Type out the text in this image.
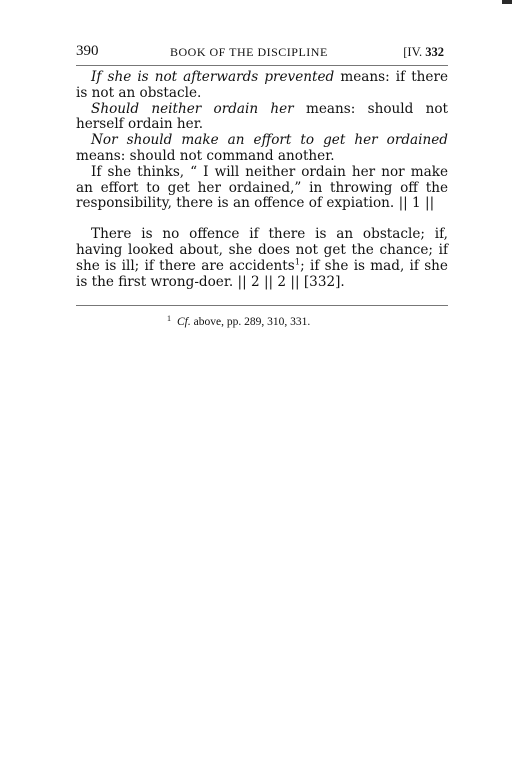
390	BOOK OF THE DISCIPLINE	[IV. 332

If she is not afterwards prevented means: if there is not an obstacle.

Should neither ordain her means: should not herself ordain her.

Nor should make an effort to get her ordained means: should not command another.

If she thinks, “ I will neither ordain her nor make an effort to get her ordained,” in throwing off the responsibility, there is an offence of expiation. || 1 ||

There is no offence if there is an obstacle; if, having looked about, she does not get the chance; if she is ill; if there are accidents$^1$; if she is mad, if she is the first wrong-doer. || 2 || 2 || [332].

$^1$ Cf. above, pp. 289, 310, 331.
